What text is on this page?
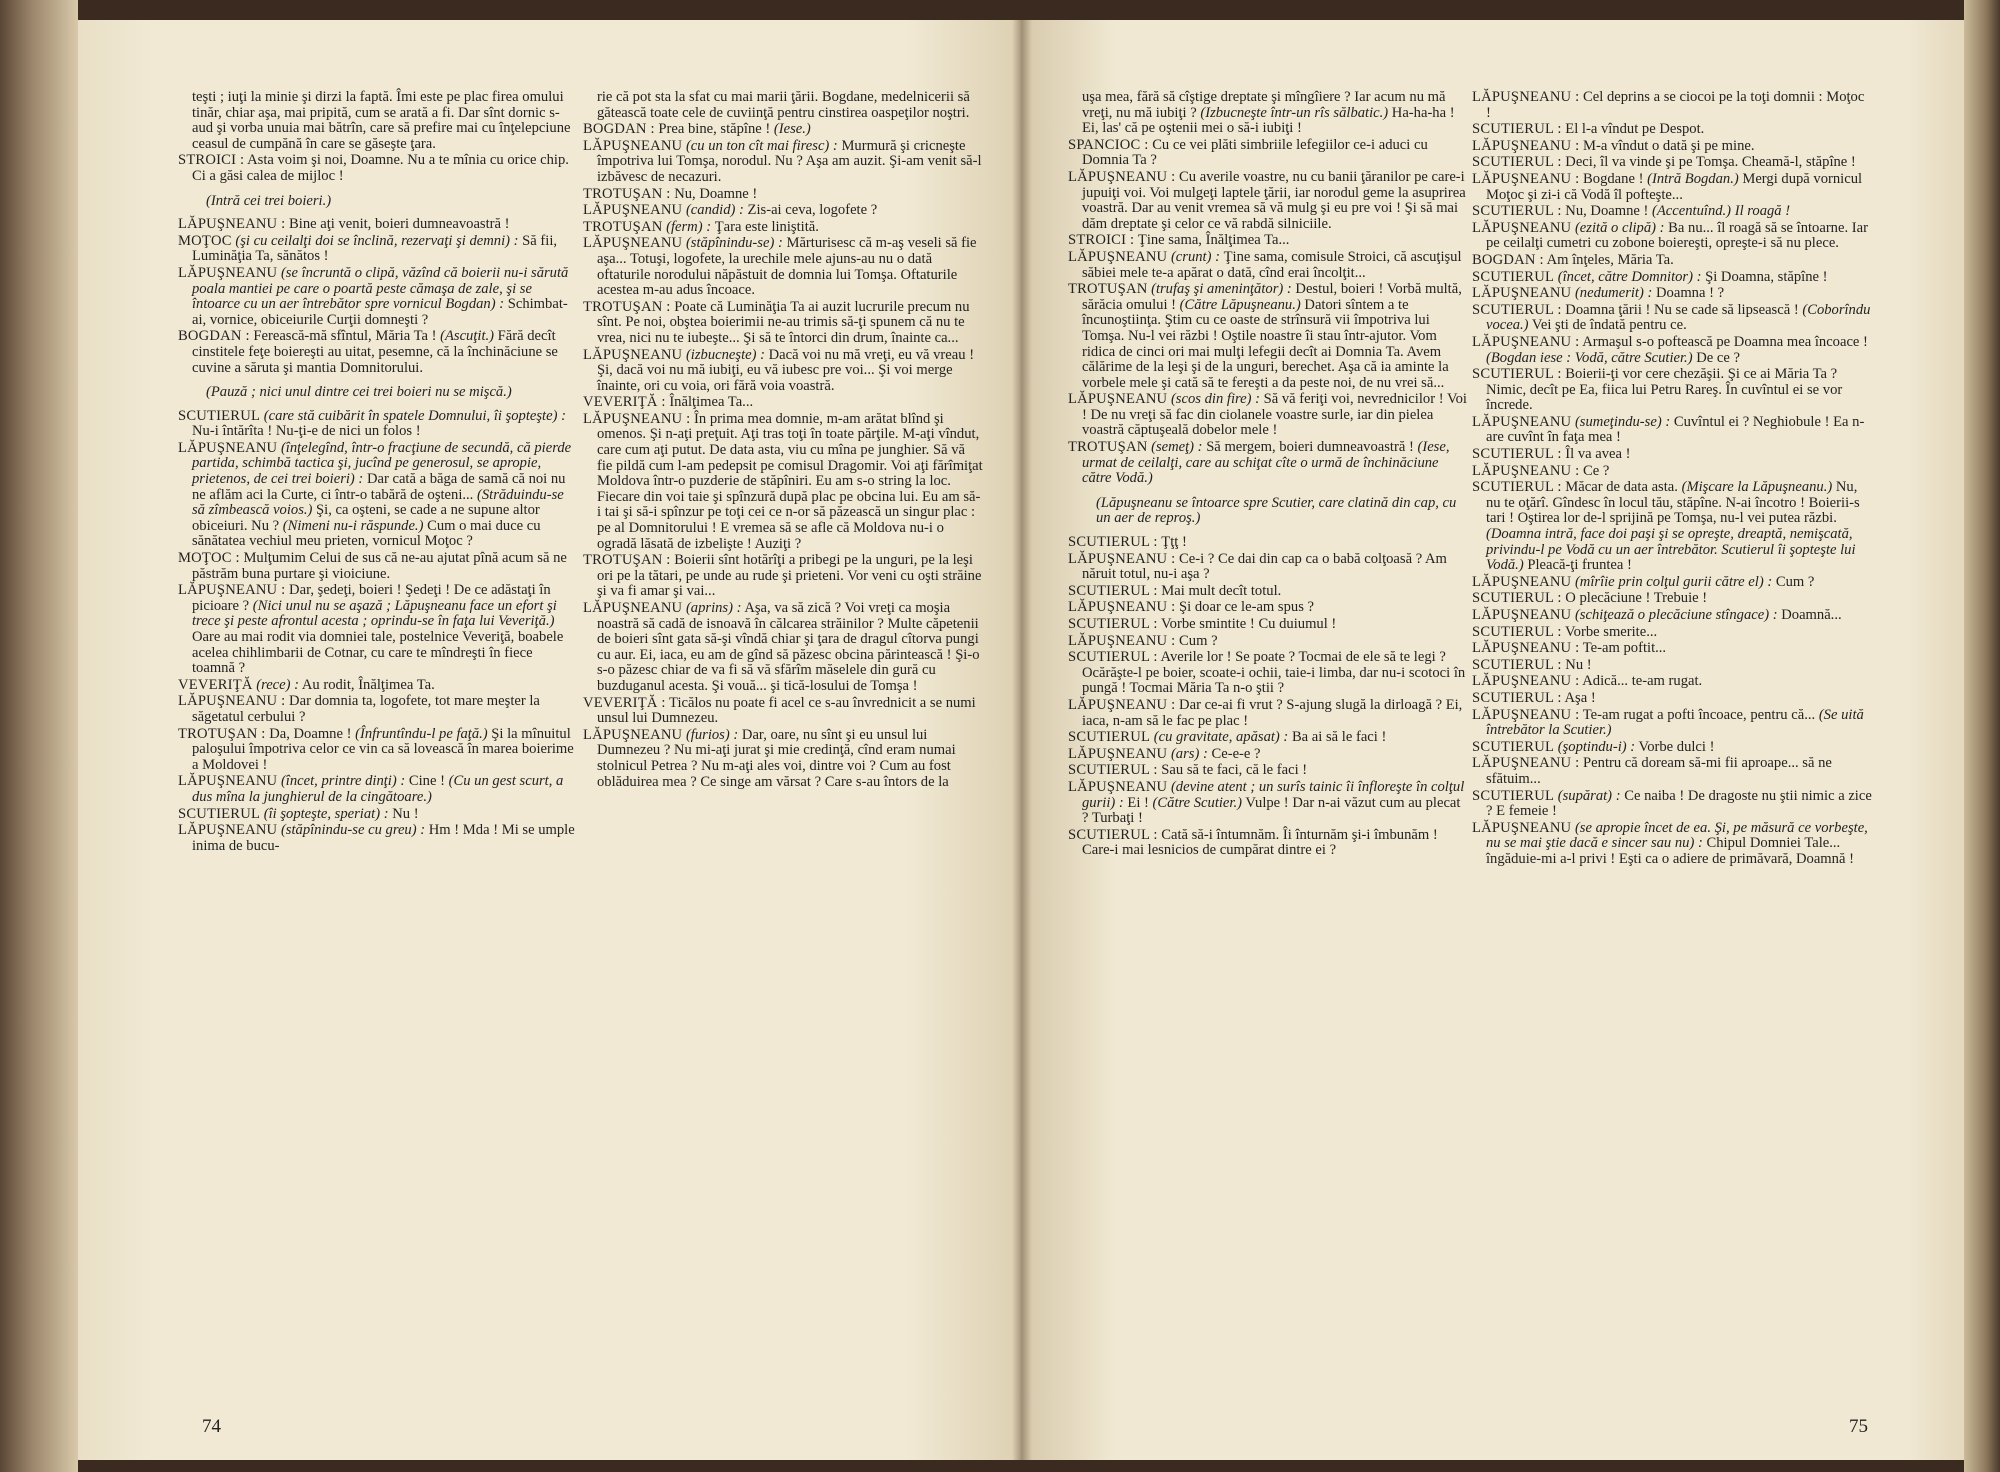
teşti ; iuţi la minie şi dirzi la faptă. Îmi este pe plac firea omului tinăr, chiar aşa, mai pripită, cum se arată a fi. Dar sînt dornic s-aud şi vorba unuia mai bătrîn, care să prefire mai cu înţelepciune ceasul de cumpănă în care se găseşte ţara.

STROICI : Asta voim şi noi, Doamne. Nu a te mînia cu orice chip. Ci a găsi calea de mijloc !

(Intră cei trei boieri.)

LĂPUŞNEANU : Bine aţi venit, boieri dumneavoastră !

MOŢOC (şi cu ceilalţi doi se înclină, rezervaţi şi demni) : Să fii, Luminăţia Ta, sănătos !

LĂPUŞNEANU (se încruntă o clipă, văzînd că boierii nu-i sărută poala mantiei pe care o poartă peste cămaşa de zale, şi se întoarce cu un aer întrebător spre vornicul Bogdan) : Schimbat-ai, vornice, obiceiurile Curţii domneşti ?

BOGDAN : Ferească-mă sfîntul, Măria Ta ! (Ascuţit.) Fără decît cinstitele feţe boiereşti au uitat, pesemne, că la închinăciune se cuvine a săruta şi mantia Domnitorului.

(Pauză ; nici unul dintre cei trei boieri nu se mişcă.)

SCUTIERUL (care stă cuibărit în spatele Domnului, îi şopteşte) : Nu-i întărîta ! Nu-ţi-e de nici un folos !

LĂPUŞNEANU (înţelegînd, într-o fracţiune de secundă, că pierde partida, schimbă tactica şi, jucînd pe generosul, se apropie, prietenos, de cei trei boieri) : Dar cată a băga de samă că noi nu ne aflăm aci la Curte, ci într-o tabără de oşteni... (Străduindu-se să zîmbească voios.) Şi, ca oşteni, se cade a ne supune altor obiceiuri. Nu ? (Nimeni nu-i răspunde.) Cum o mai duce cu sănătatea vechiul meu prieten, vornicul Moţoc ?

MOŢOC : Mulţumim Celui de sus că ne-au ajutat pînă acum să ne păstrăm buna purtare şi vioiciune.

LĂPUŞNEANU : Dar, şedeţi, boieri ! Şedeţi ! De ce adăstaţi în picioare ? (Nici unul nu se aşază ; Lăpuşneanu face un efort şi trece şi peste afrontul acesta ; oprindu-se în faţa lui Veveriţă.) Oare au mai rodit via domniei tale, postelnice Veveriţă, boabele acelea chihlimbarii de Cotnar, cu care te mîndreşti în fiece toamnă ?

VEVERIŢĂ (rece) : Au rodit, Înălţimea Ta.

LĂPUŞNEANU : Dar domnia ta, logofete, tot mare meşter la săgetatul cerbului ?

TROTUŞAN : Da, Doamne ! (Înfruntîndu-l pe faţă.) Şi la mînuitul paloşului împotriva celor ce vin ca să lovească în marea boierime a Moldovei !

LĂPUŞNEANU (încet, printre dinţi) : Cine ! (Cu un gest scurt, a dus mîna la junghierul de la cingătoare.)

SCUTIERUL (îi şopteşte, speriat) : Nu !

LĂPUŞNEANU (stăpînindu-se cu greu) : Hm ! Mda ! Mi se umple inima de bucu-

rie că pot sta la sfat cu mai marii ţării. Bogdane, medelnicerii să gătească toate cele de cuviinţă pentru cinstirea oaspeţilor noştri.

BOGDAN : Prea bine, stăpîne ! (Iese.)

LĂPUŞNEANU (cu un ton cît mai firesc) : Murmură şi cricneşte împotriva lui Tomşa, norodul. Nu ? Aşa am auzit. Şi-am venit să-l izbăvesc de necazuri.

TROTUŞAN : Nu, Doamne !

LĂPUŞNEANU (candid) : Zis-ai ceva, logofete ?

TROTUŞAN (ferm) : Ţara este liniştită.

LĂPUŞNEANU (stăpînindu-se) : Mărturisesc că m-aş veseli să fie aşa... Totuşi, logofete, la urechile mele ajuns-au nu o dată oftaturile norodului năpăstuit de domnia lui Tomşa. Oftaturile acestea m-au adus încoace.

TROTUŞAN : Poate că Luminăţia Ta ai auzit lucrurile precum nu sînt. Pe noi, obştea boierimii ne-au trimis să-ţi spunem că nu te vrea, nici nu te iubeşte... Şi să te întorci din drum, înainte ca...

LĂPUŞNEANU (izbucneşte) : Dacă voi nu mă vreţi, eu vă vreau ! Şi, dacă voi nu mă iubiţi, eu vă iubesc pre voi... Şi voi merge înainte, ori cu voia, ori fără voia voastră.

VEVERIŢĂ : Înălţimea Ta...

LĂPUŞNEANU : În prima mea domnie, m-am arătat blînd şi omenos. Şi n-aţi preţuit. Aţi tras toţi în toate părţile. M-aţi vîndut, care cum aţi putut. De data asta, viu cu mîna pe junghier. Să vă fie pildă cum l-am pedepsit pe comisul Dragomir. Voi aţi fărîmiţat Moldova într-o puzderie de stăpîniri. Eu am s-o string la loc. Fiecare din voi taie şi spînzură după plac pe obcina lui. Eu am să-i tai şi să-i spînzur pe toţi cei ce n-or să păzească un singur plac : pe al Domnitorului ! E vremea să se afle că Moldova nu-i o ogradă lăsată de izbelişte ! Auziţi ?

TROTUŞAN : Boierii sînt hotărîţi a pribegi pe la unguri, pe la leşi ori pe la tătari, pe unde au rude şi prieteni. Vor veni cu oşti străine şi va fi amar şi vai...

LĂPUŞNEANU (aprins) : Aşa, va să zică ? Voi vreţi ca moşia noastră să cadă de isnoavă în călcarea străinilor ? Multe căpetenii de boieri sînt gata să-şi vîndă chiar şi ţara de dragul cîtorva pungi cu aur. Ei, iaca, eu am de gînd să păzesc obcina părintească ! Şi-o s-o păzesc chiar de va fi să vă sfărîm măselele din gură cu buzduganul acesta. Şi vouă... şi tică-losului de Tomşa !

VEVERIŢĂ : Ticălos nu poate fi acel ce s-au învrednicit a se numi unsul lui Dumnezeu.

LĂPUŞNEANU (furios) : Dar, oare, nu sînt şi eu unsul lui Dumnezeu ? Nu mi-aţi jurat şi mie credinţă, cînd eram numai stolnicul Petrea ? Nu m-aţi ales voi, dintre voi ? Cum au fost oblăduirea mea ? Ce singe am vărsat ? Care s-au întors de la

74

uşa mea, fără să cîştige dreptate şi mîngîiere ? Iar acum nu mă vreţi, nu mă iubiţi ? (Izbucneşte într-un rîs sălbatic.) Ha-ha-ha ! Ei, las' că pe oştenii mei o să-i iubiţi !

SPANCIOC : Cu ce vei plăti simbriile lefegiilor ce-i aduci cu Domnia Ta ?

LĂPUŞNEANU : Cu averile voastre, nu cu banii ţăranilor pe care-i jupuiţi voi. Voi mulgeţi laptele ţării, iar norodul geme la asuprirea voastră. Dar au venit vremea să vă mulg şi eu pre voi ! Şi să mai dăm dreptate şi celor ce vă rabdă silniciile.

STROICI : Ţine sama, Înălţimea Ta...

LĂPUŞNEANU (crunt) : Ţine sama, comisule Stroici, că ascuţişul săbiei mele te-a apărat o dată, cînd erai încolţit...

TROTUŞAN (trufaş şi ameninţător) : Destul, boieri ! Vorbă multă, sărăcia omului ! (Către Lăpuşneanu.) Datori sîntem a te încunoştiinţa. Ştim cu ce oaste de strînsură vii împotriva lui Tomşa. Nu-l vei răzbi ! Oştile noastre îi stau într-ajutor. Vom ridica de cinci ori mai mulţi lefegii decît ai Domnia Ta. Avem călărime de la leşi şi de la unguri, berechet. Aşa că ia aminte la vorbele mele şi cată să te fereşti a da peste noi, de nu vrei să...

LĂPUŞNEANU (scos din fire) : Să vă feriţi voi, nevrednicilor ! Voi ! De nu vreţi să fac din ciolanele voastre surle, iar din pielea voastră căptuşeală dobelor mele !

TROTUŞAN (semeţ) : Să mergem, boieri dumneavoastră ! (Iese, urmat de ceilalţi, care au schiţat cîte o urmă de închinăciune către Vodă.)

(Lăpuşneanu se întoarce spre Scutier, care clatină din cap, cu un aer de reproş.)

SCUTIERUL : Ţţţ !

LĂPUŞNEANU : Ce-i ? Ce dai din cap ca o babă colţoasă ? Am năruit totul, nu-i aşa ?

SCUTIERUL : Mai mult decît totul.

LĂPUŞNEANU : Şi doar ce le-am spus ?

SCUTIERUL : Vorbe smintite ! Cu duiumul !

LĂPUŞNEANU : Cum ?

SCUTIERUL : Averile lor ! Se poate ? Tocmai de ele să te legi ? Ocărăşte-l pe boier, scoate-i ochii, taie-i limba, dar nu-i scotoci în pungă ! Tocmai Măria Ta n-o ştii ?

LĂPUŞNEANU : Dar ce-ai fi vrut ? S-ajung slugă la dirloagă ? Ei, iaca, n-am să le fac pe plac !

SCUTIERUL (cu gravitate, apăsat) : Ba ai să le faci !

LĂPUŞNEANU (ars) : Ce-e-e ?

SCUTIERUL : Sau să te faci, că le faci !

LĂPUŞNEANU (devine atent ; un surîs tainic îi înfloreşte în colţul gurii) : Ei ! (Către Scutier.) Vulpe ! Dar n-ai văzut cum au plecat ? Turbaţi !

SCUTIERUL : Cată să-i întumnăm. Îi înturnăm şi-i îmbunăm ! Care-i mai lesnicios de cumpărat dintre ei ?

LĂPUŞNEANU : Cel deprins a se ciocoi pe la toţi domnii : Moţoc !

SCUTIERUL : El l-a vîndut pe Despot.

LĂPUŞNEANU : M-a vîndut o dată şi pe mine.

SCUTIERUL : Deci, îl va vinde şi pe Tomşa. Cheamă-l, stăpîne !

LĂPUŞNEANU : Bogdane ! (Intră Bogdan.) Mergi după vornicul Moţoc şi zi-i că Vodă îl pofteşte...

SCUTIERUL : Nu, Doamne ! (Accentuînd.) Il roagă !

LĂPUŞNEANU (ezită o clipă) : Ba nu... îl roagă să se întoarne. Iar pe ceilalţi cumetri cu zobone boiereşti, opreşte-i să nu plece.

BOGDAN : Am înţeles, Măria Ta.

SCUTIERUL (încet, către Domnitor) : Şi Doamna, stăpîne !

LĂPUŞNEANU (nedumerit) : Doamna ! ?

SCUTIERUL : Doamna ţării ! Nu se cade să lipsească ! (Coborîndu vocea.) Vei şti de îndată pentru ce.

LĂPUŞNEANU : Armaşul s-o poftească pe Doamna mea încoace ! (Bogdan iese : Vodă, către Scutier.) De ce ?

SCUTIERUL : Boierii-ţi vor cere chezăşii. Şi ce ai Măria Ta ? Nimic, decît pe Ea, fiica lui Petru Rareş. În cuvîntul ei se vor încrede.

LĂPUŞNEANU (sumeţindu-se) : Cuvîntul ei ? Neghiobule ! Ea n-are cuvînt în faţa mea !

SCUTIERUL : Îl va avea !

LĂPUŞNEANU : Ce ?

SCUTIERUL : Măcar de data asta. (Mişcare la Lăpuşneanu.) Nu, nu te oţărî. Gîndesc în locul tău, stăpîne. N-ai încotro ! Boierii-s tari ! Oştirea lor de-l sprijină pe Tomşa, nu-l vei putea răzbi. (Doamna intră, face doi paşi şi se opreşte, dreaptă, nemişcată, privindu-l pe Vodă cu un aer întrebător. Scutierul îi şopteşte lui Vodă.) Pleacă-ţi fruntea !

LĂPUŞNEANU (mîrîie prin colţul gurii către el) : Cum ?

SCUTIERUL : O plecăciune ! Trebuie !

LĂPUŞNEANU (schiţează o plecăciune stîngace) : Doamnă...

SCUTIERUL : Vorbe smerite...

LĂPUŞNEANU : Te-am poftit...

SCUTIERUL : Nu !

LĂPUŞNEANU : Adică... te-am rugat.

SCUTIERUL : Aşa !

LĂPUŞNEANU : Te-am rugat a pofti încoace, pentru că... (Se uită întrebător la Scutier.)

SCUTIERUL (şoptindu-i) : Vorbe dulci !

LĂPUŞNEANU : Pentru că doream să-mi fii aproape... să ne sfătuim...

SCUTIERUL (supărat) : Ce naiba ! De dragoste nu ştii nimic a zice ? E femeie !

LĂPUŞNEANU (se apropie încet de ea. Şi, pe măsură ce vorbeşte, nu se mai ştie dacă e sincer sau nu) : Chipul Domniei Tale... îngăduie-mi a-l privi ! Eşti ca o adiere de primăvară, Doamnă !

75
